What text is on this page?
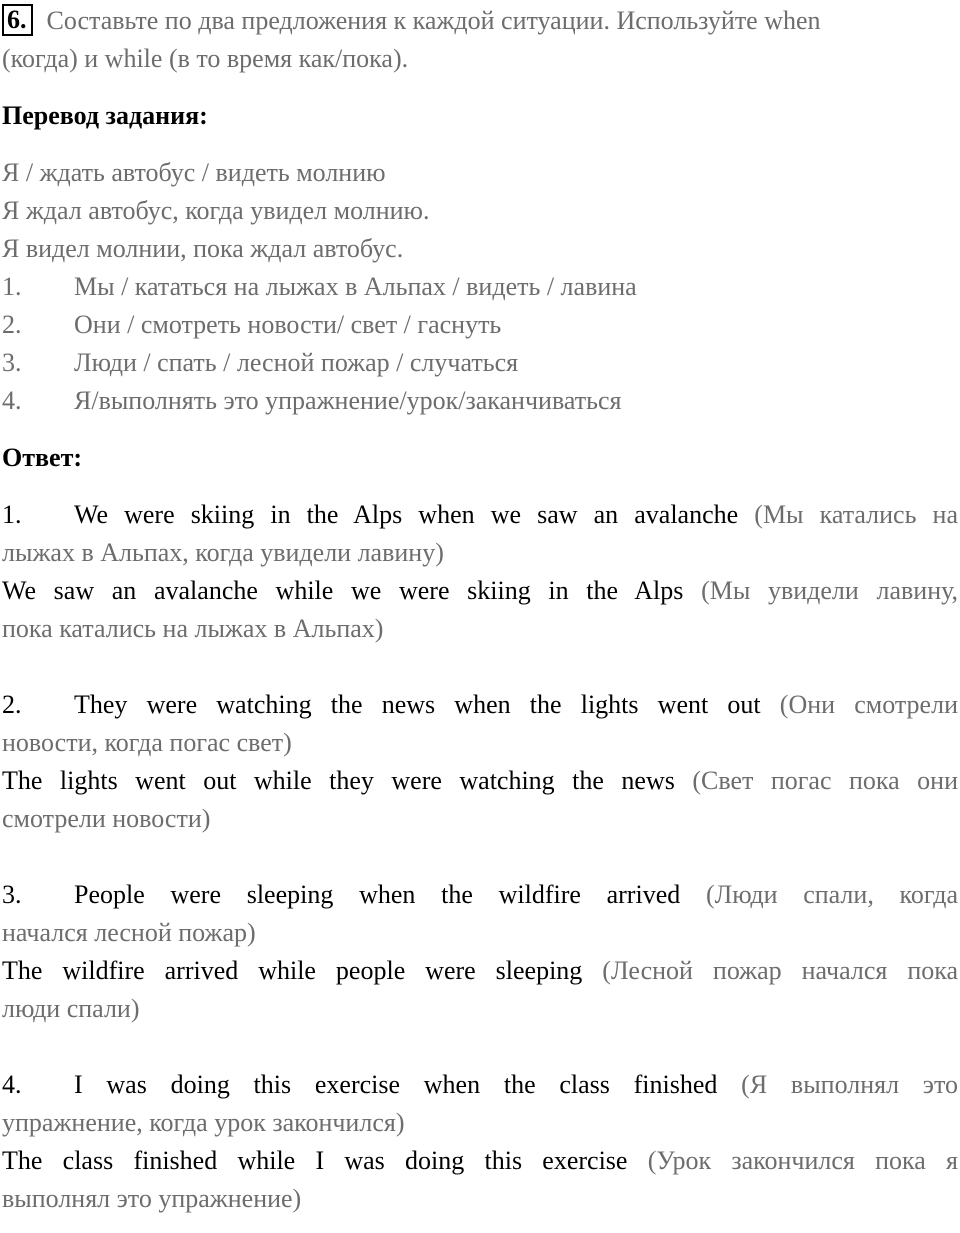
6. Составьте по два предложения к каждой ситуации. Используйте when
(когда) и while (в то время как/пока).
Перевод задания:
Я / ждать автобус / видеть молнию
Я ждал автобус, когда увидел молнию.
Я видел молнии, пока ждал автобус.
1. Мы / кататься на лыжах в Альпах / видеть / лавина
2. Они / смотреть новости/ свет / гаснуть
3. Люди / спать / лесной пожар / случаться
4. Я/выполнять это упражнение/урок/заканчиваться
Ответ:
1. We were skiing in the Alps when we saw an avalanche (Мы катались на
лыжах в Альпах, когда увидели лавину)
We saw an avalanche while we were skiing in the Alps (Мы увидели лавину,
пока катались на лыжах в Альпах)
2. They were watching the news when the lights went out (Они смотрели
новости, когда погас свет)
The lights went out while they were watching the news (Свет погас пока они
смотрели новости)
3. People were sleeping when the wildfire arrived (Люди спали, когда
начался лесной пожар)
The wildfire arrived while people were sleeping (Лесной пожар начался пока
люди спали)
4. I was doing this exercise when the class finished (Я выполнял это
упражнение, когда урок закончился)
The class finished while I was doing this exercise (Урок закончился пока я
выполнял это упражнение)
